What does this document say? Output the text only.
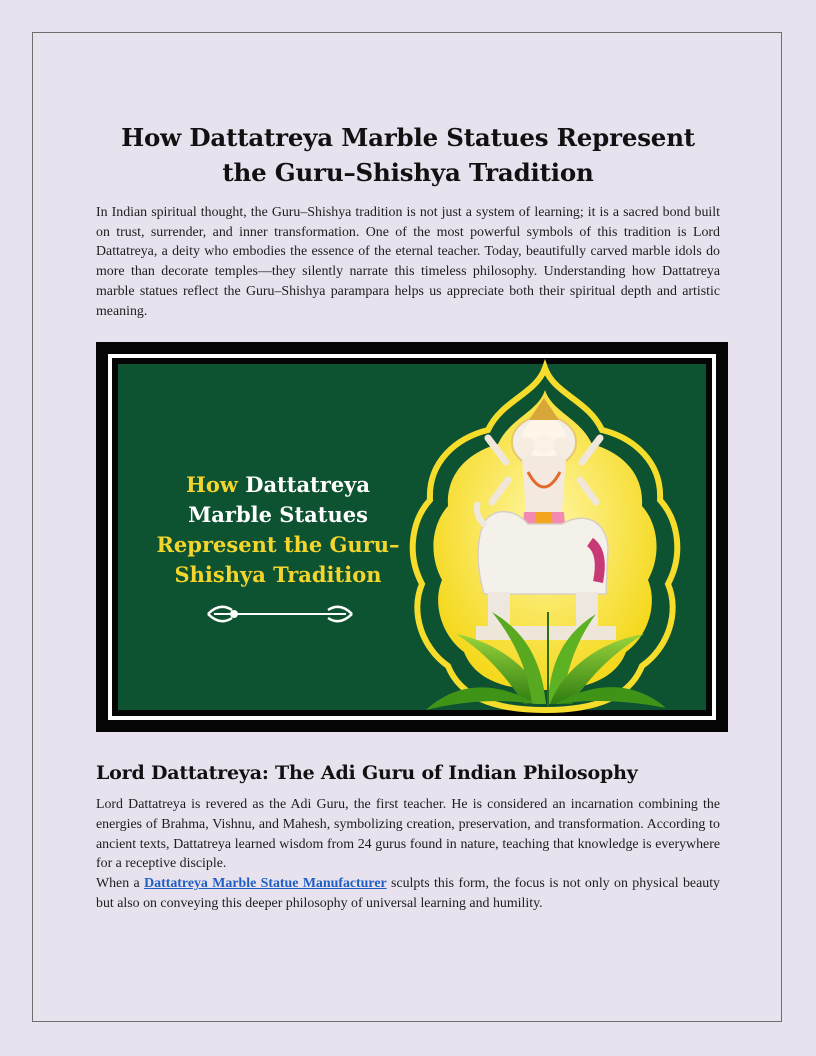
How Dattatreya Marble Statues Represent the Guru–Shishya Tradition

In Indian spiritual thought, the Guru–Shishya tradition is not just a system of learning; it is a sacred bond built on trust, surrender, and inner transformation. One of the most powerful symbols of this tradition is Lord Dattatreya, a deity who embodies the essence of the eternal teacher. Today, beautifully carved marble idols do more than decorate temples—they silently narrate this timeless philosophy. Understanding how Dattatreya marble statues reflect the Guru–Shishya parampara helps us appreciate both their spiritual depth and artistic meaning.

How Dattatreya
Marble Statues
Represent the Guru–
Shishya Tradition
Lord Dattatreya: The Adi Guru of Indian Philosophy

Lord Dattatreya is revered as the Adi Guru, the first teacher. He is considered an incarnation combining the energies of Brahma, Vishnu, and Mahesh, symbolizing creation, preservation, and transformation. According to ancient texts, Dattatreya learned wisdom from 24 gurus found in nature, teaching that knowledge is everywhere for a receptive disciple.

When a Dattatreya Marble Statue Manufacturer sculpts this form, the focus is not only on physical beauty but also on conveying this deeper philosophy of universal learning and humility.
